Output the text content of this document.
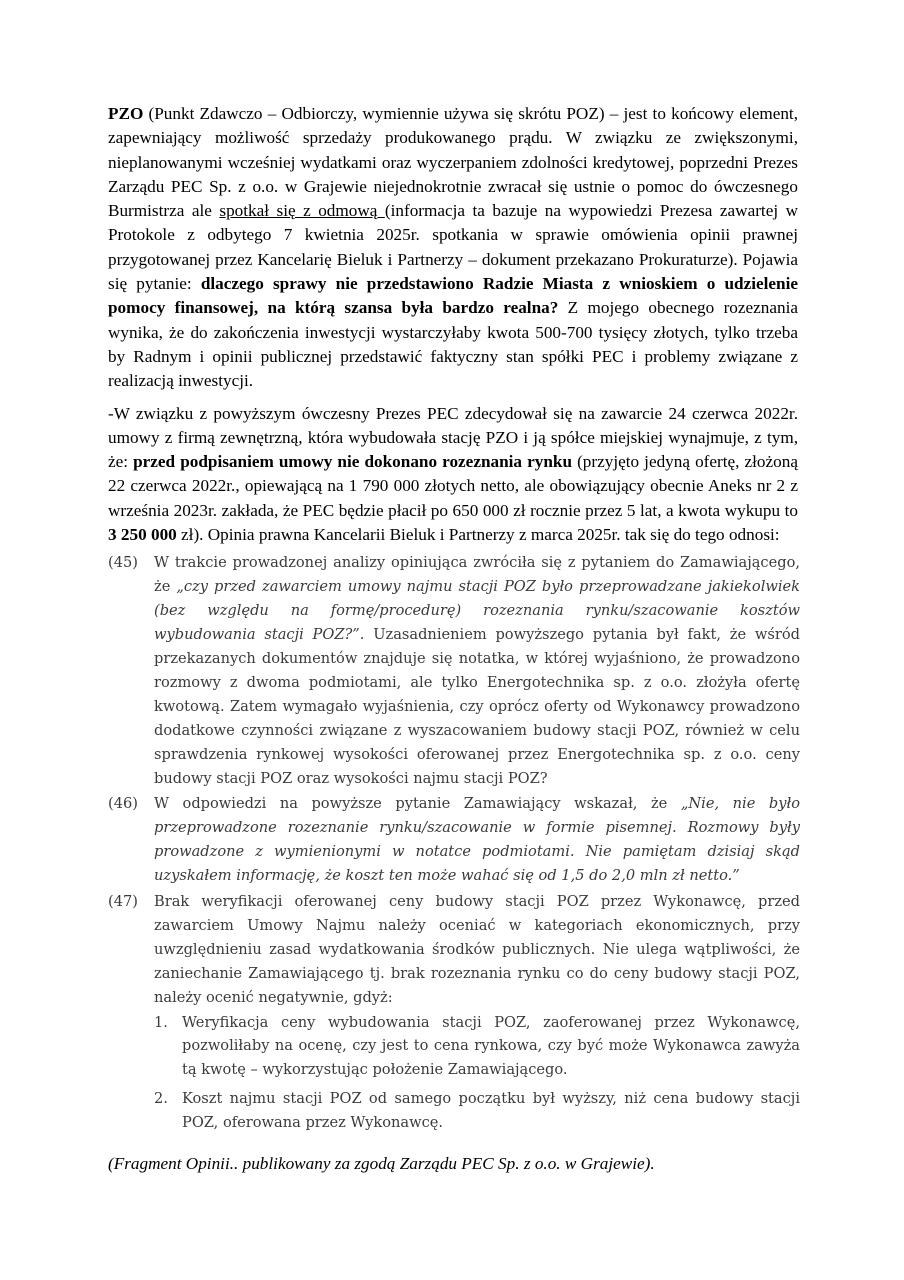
PZO (Punkt Zdawczo – Odbiorczy, wymiennie używa się skrótu POZ) – jest to końcowy element, zapewniający możliwość sprzedaży produkowanego prądu. W związku ze zwiększonymi, nieplanowanymi wcześniej wydatkami oraz wyczerpaniem zdolności kredytowej, poprzedni Prezes Zarządu PEC Sp. z o.o. w Grajewie niejednokrotnie zwracał się ustnie o pomoc do ówczesnego Burmistrza ale spotkał się z odmową (informacja ta bazuje na wypowiedzi Prezesa zawartej w Protokole z odbytego 7 kwietnia 2025r. spotkania w sprawie omówienia opinii prawnej przygotowanej przez Kancelarię Bieluk i Partnerzy – dokument przekazano Prokuraturze). Pojawia się pytanie: dlaczego sprawy nie przedstawiono Radzie Miasta z wnioskiem o udzielenie pomocy finansowej, na którą szansa była bardzo realna? Z mojego obecnego rozeznania wynika, że do zakończenia inwestycji wystarczyłaby kwota 500-700 tysięcy złotych, tylko trzeba by Radnym i opinii publicznej przedstawić faktyczny stan spółki PEC i problemy związane z realizacją inwestycji.

-W związku z powyższym ówczesny Prezes PEC zdecydował się na zawarcie 24 czerwca 2022r. umowy z firmą zewnętrzną, która wybudowała stację PZO i ją spółce miejskiej wynajmuje, z tym, że: przed podpisaniem umowy nie dokonano rozeznania rynku (przyjęto jedyną ofertę, złożoną 22 czerwca 2022r., opiewającą na 1 790 000 złotych netto, ale obowiązujący obecnie Aneks nr 2 z września 2023r. zakłada, że PEC będzie płacił po 650 000 zł rocznie przez 5 lat, a kwota wykupu to 3 250 000 zł). Opinia prawna Kancelarii Bieluk i Partnerzy z marca 2025r. tak się do tego odnosi:

(45)	W trakcie prowadzonej analizy opiniująca zwróciła się z pytaniem do Zamawiającego, że „czy przed zawarciem umowy najmu stacji POZ było przeprowadzane jakiekolwiek (bez względu na formę/procedurę) rozeznania rynku/szacowanie kosztów wybudowania stacji POZ?”. Uzasadnieniem powyższego pytania był fakt, że wśród przekazanych dokumentów znajduje się notatka, w której wyjaśniono, że prowadzono rozmowy z dwoma podmiotami, ale tylko Energotechnika sp. z o.o. złożyła ofertę kwotową. Zatem wymagało wyjaśnienia, czy oprócz oferty od Wykonawcy prowadzono dodatkowe czynności związane z wyszacowaniem budowy stacji POZ, również w celu sprawdzenia rynkowej wysokości oferowanej przez Energotechnika sp. z o.o. ceny budowy stacji POZ oraz wysokości najmu stacji POZ?
(46)	W odpowiedzi na powyższe pytanie Zamawiający wskazał, że „Nie, nie było przeprowadzone rozeznanie rynku/szacowanie w formie pisemnej. Rozmowy były prowadzone z wymienionymi w notatce podmiotami. Nie pamiętam dzisiaj skąd uzyskałem informację, że koszt ten może wahać się od 1,5 do 2,0 mln zł netto.”
(47)	Brak weryfikacji oferowanej ceny budowy stacji POZ przez Wykonawcę, przed zawarciem Umowy Najmu należy oceniać w kategoriach ekonomicznych, przy uwzględnieniu zasad wydatkowania środków publicznych. Nie ulega wątpliwości, że zaniechanie Zamawiającego tj. brak rozeznania rynku co do ceny budowy stacji POZ, należy ocenić negatywnie, gdyż:
1. Weryfikacja ceny wybudowania stacji POZ, zaoferowanej przez Wykonawcę, pozwoliłaby na ocenę, czy jest to cena rynkowa, czy być może Wykonawca zawyża tą kwotę – wykorzystując położenie Zamawiającego.
2. Koszt najmu stacji POZ od samego początku był wyższy, niż cena budowy stacji POZ, oferowana przez Wykonawcę.
(Fragment Opinii.. publikowany za zgodą Zarządu PEC Sp. z o.o. w Grajewie).
